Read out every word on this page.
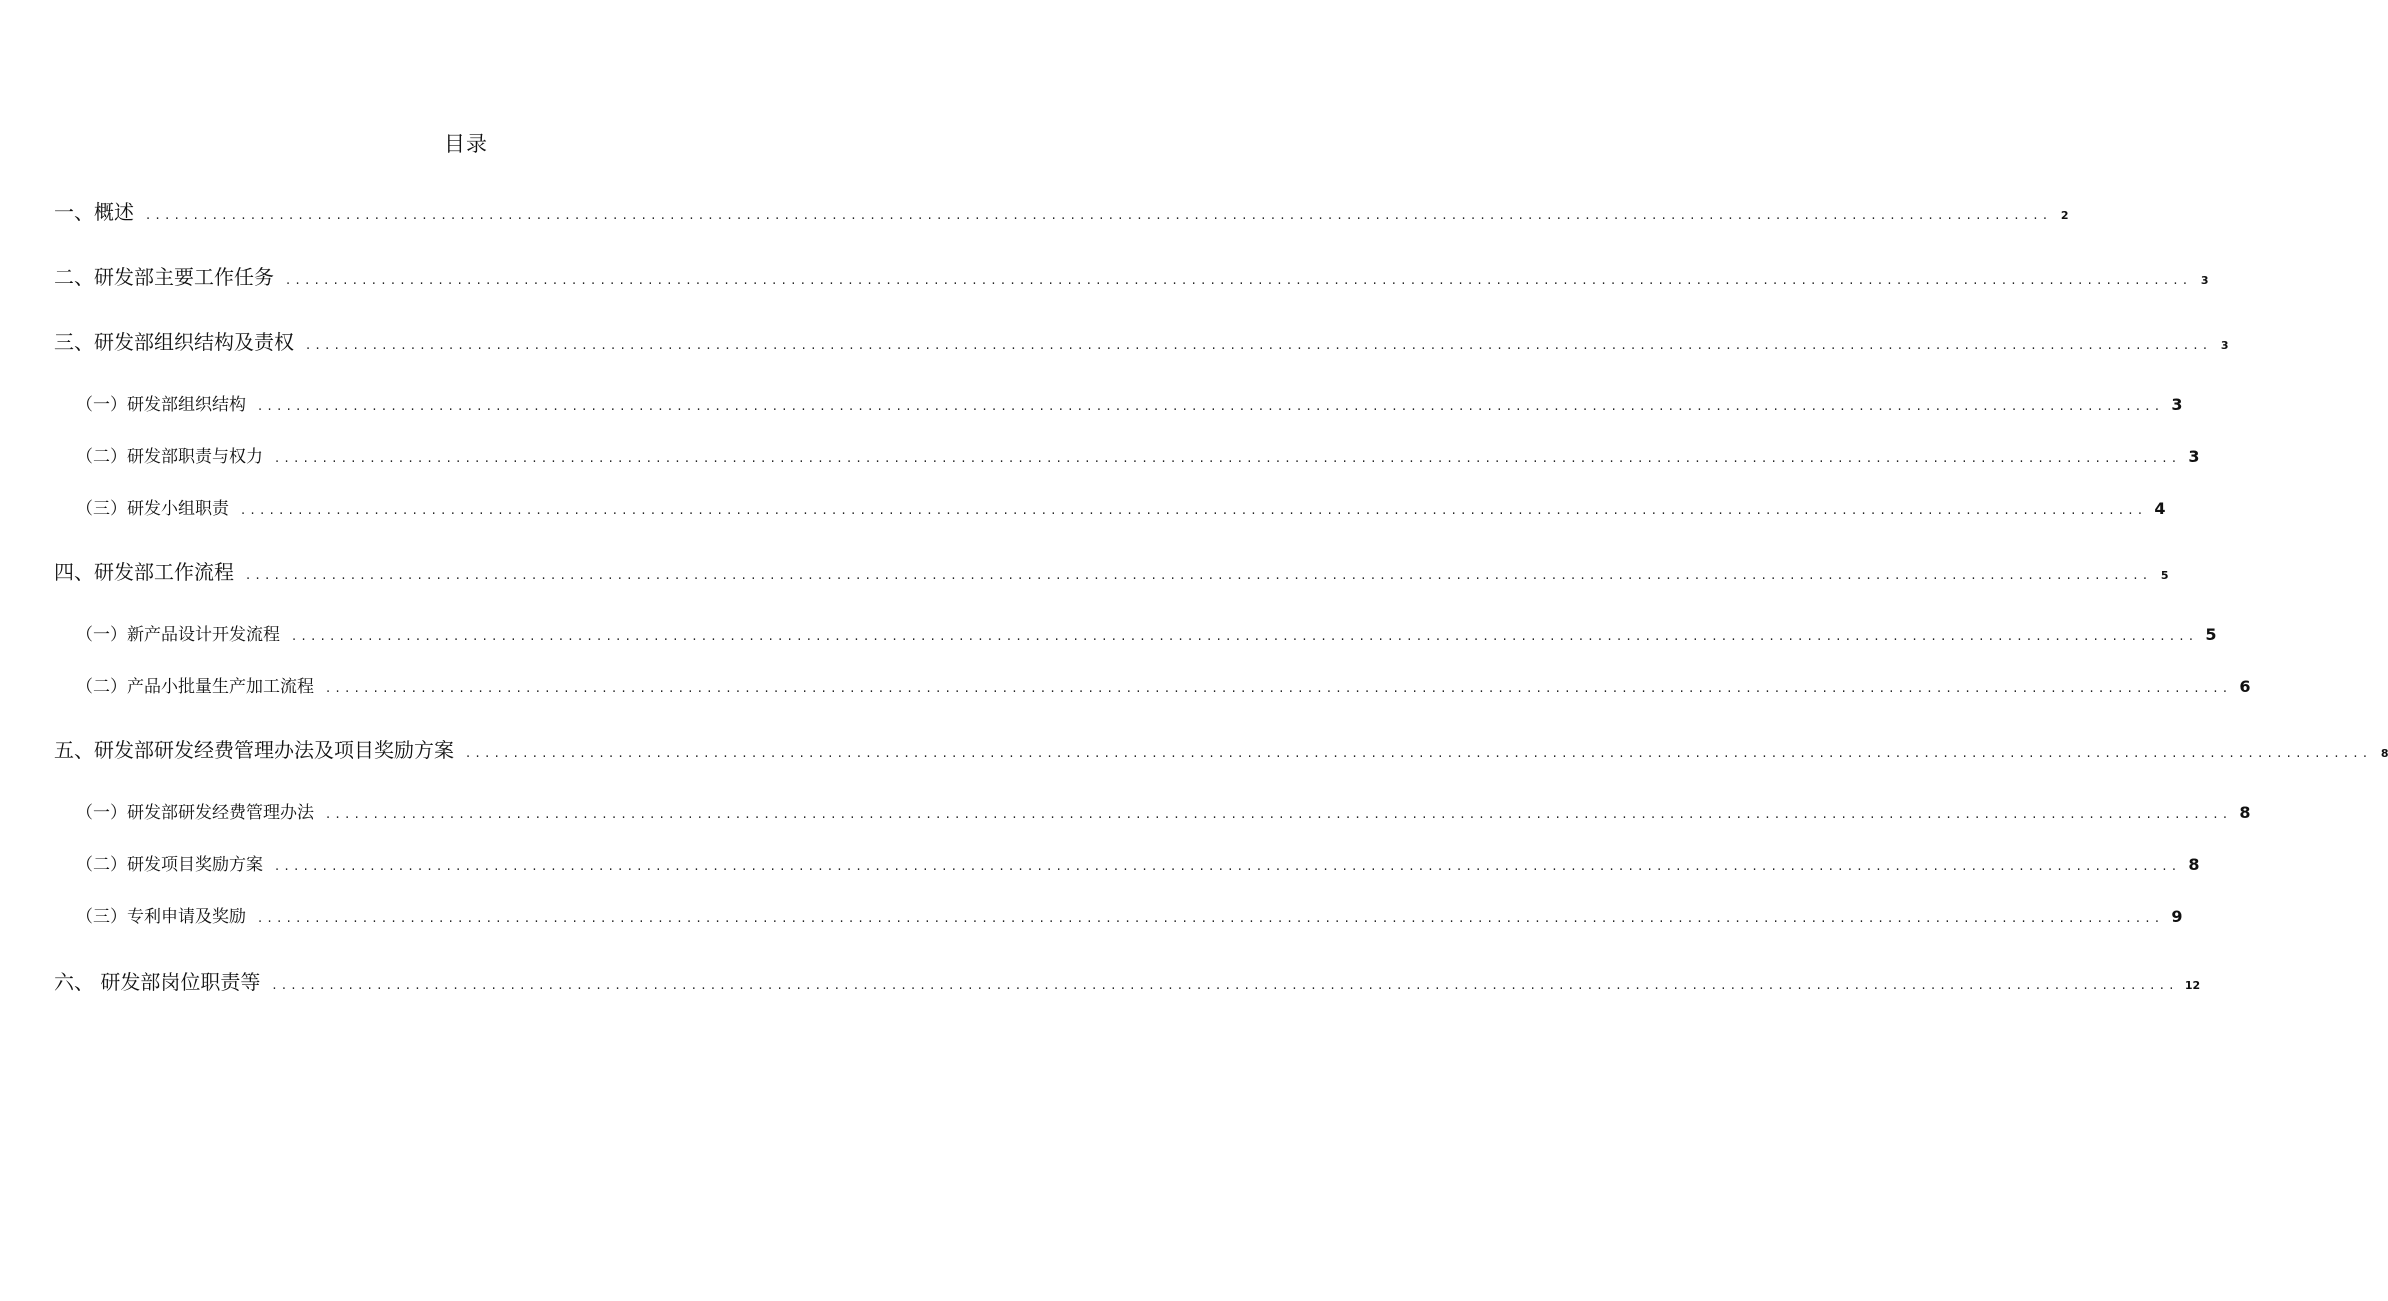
目录
一、概述 ........................................................................................................................................................................................................ 2
二、研发部主要工作任务 ........................................................................................................................................................................................................ 3
三、研发部组织结构及责权 ........................................................................................................................................................................................................ 3
（一）研发部组织结构 ........................................................................................................................................................................................................ 3
（二）研发部职责与权力 ........................................................................................................................................................................................................ 3
（三）研发小组职责 ........................................................................................................................................................................................................ 4
四、研发部工作流程 ........................................................................................................................................................................................................ 5
（一）新产品设计开发流程 ........................................................................................................................................................................................................ 5
（二）产品小批量生产加工流程 ........................................................................................................................................................................................................ 6
五、研发部研发经费管理办法及项目奖励方案 ........................................................................................................................................................................................................ 8
（一）研发部研发经费管理办法 ........................................................................................................................................................................................................ 8
（二）研发项目奖励方案 ........................................................................................................................................................................................................ 8
（三）专利申请及奖励 ........................................................................................................................................................................................................ 9
六、 研发部岗位职责等 ........................................................................................................................................................................................................ 12
